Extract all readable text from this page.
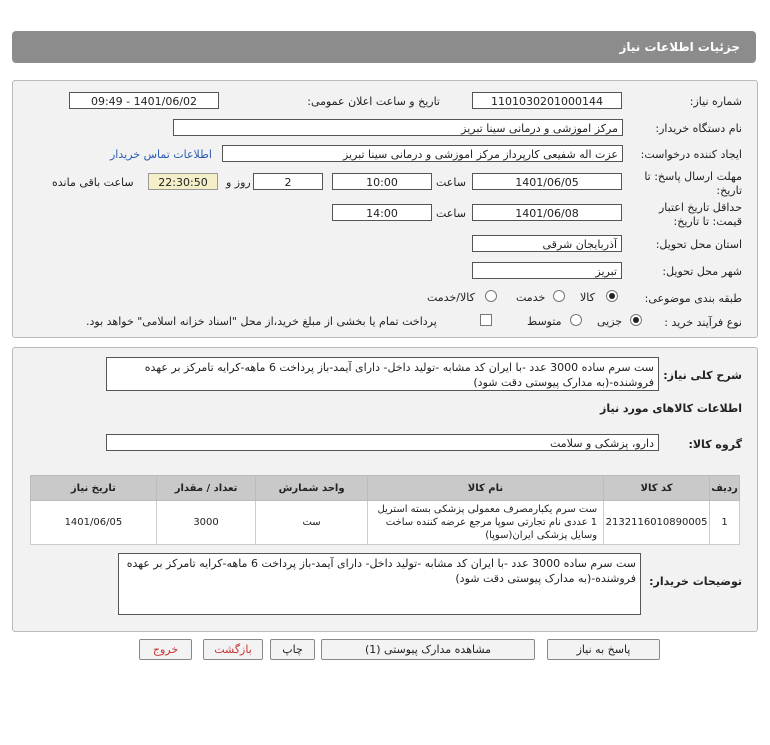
جزئیات اطلاعات نیاز
شماره نیاز:
1101030201000144
تاریخ و ساعت اعلان عمومی:
1401/06/02 - 09:49
نام دستگاه خریدار:
مرکز اموزشی و درمانی سینا تبریز
ایجاد کننده درخواست:
عزت اله شفیعی کارپرداز مرکز اموزشی و درمانی سینا تبریز
اطلاعات تماس خریدار
مهلت ارسال پاسخ: تا
تاریخ:
1401/06/05
ساعت
10:00
2
روز و
22:30:50
ساعت باقی مانده
حداقل تاریخ اعتبار
قیمت: تا تاریخ:
1401/06/08
ساعت
14:00
استان محل تحویل:
آذربایجان شرقی
شهر محل تحویل:
تبریز
طبقه بندی موضوعی:
کالا
خدمت
کالا/خدمت
نوع فرآیند خرید :
جزیی
متوسط
پرداخت تمام یا بخشی از مبلغ خرید،از محل "اسناد خزانه اسلامی" خواهد بود.
شرح کلی نیاز:
ست سرم ساده 3000 عدد -با ایران کد مشابه -تولید داخل- دارای آیمد-باز پرداخت 6 ماهه-کرایه تامرکز بر عهده فروشنده-(به مدارک پیوستی دقت شود)
اطلاعات کالاهای مورد نیاز
گروه کالا:
دارو، پزشکی و سلامت
ردیف	کد کالا	نام کالا	واحد شمارش	تعداد / مقدار	تاریخ نیاز
1	2132116010890005	ست سرم یکبارمصرف معمولی پزشکی بسته استریل 1 عددی نام تجارتی سوپا مرجع عرضه کننده ساخت وسایل پزشکی ایران(سوپا)	ست	3000	1401/06/05
توضیحات خریدار:
ست سرم ساده 3000 عدد -با ایران کد مشابه -تولید داخل- دارای آیمد-باز پرداخت 6 ماهه-کرایه تامرکز بر عهده فروشنده-(به مدارک پیوستی دقت شود)
پاسخ به نیاز
مشاهده مدارک پیوستی (1)
چاپ
بازگشت
خروج
